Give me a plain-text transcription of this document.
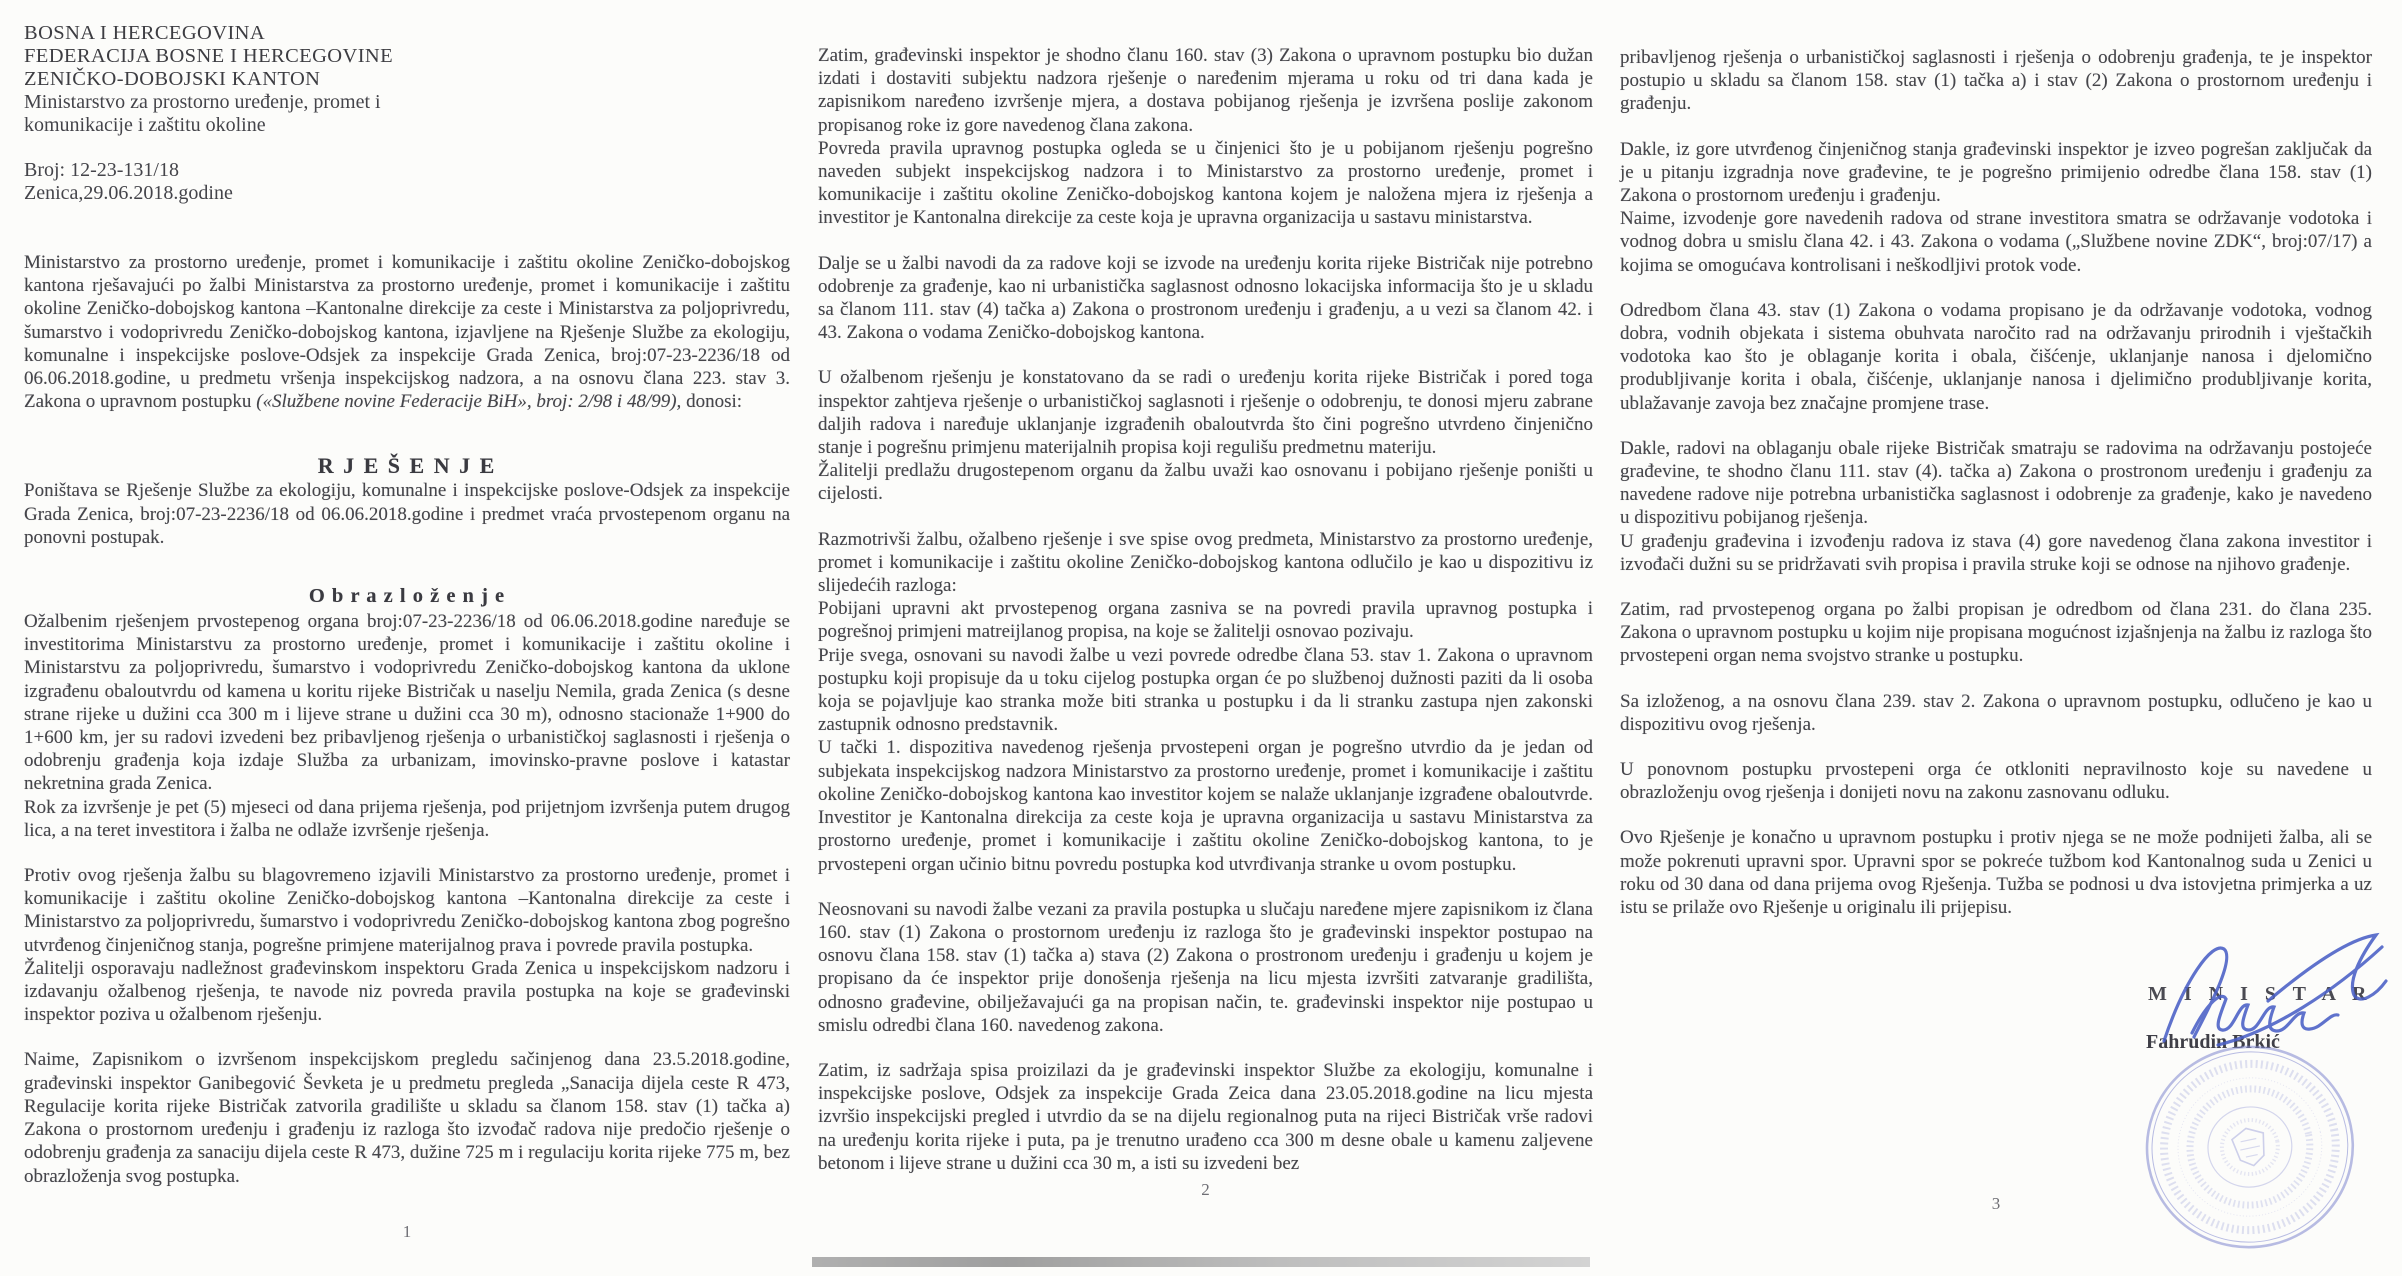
BOSNA I HERCEGOVINA
FEDERACIJA BOSNE I HERCEGOVINE
ZENIČKO-DOBOJSKI KANTON
Ministarstvo za prostorno uređenje, promet i
komunikacije i zaštitu okoline
Broj: 12-23-131/18
Zenica,29.06.2018.godine

Ministarstvo za prostorno uređenje, promet i komunikacije i zaštitu okoline Zeničko-dobojskog kantona rješavajući po žalbi Ministarstva za prostorno uređenje, promet i komunikacije i zaštitu okoline Zeničko-dobojskog kantona –Kantonalne direkcije za ceste i Ministarstva za poljoprivredu, šumarstvo i vodoprivredu Zeničko-dobojskog kantona, izjavljene na Rješenje Službe za ekologiju, komunalne i inspekcijske poslove-Odsjek za inspekcije Grada Zenica, broj:07-23-2236/18 od 06.06.2018.godine, u predmetu vršenja inspekcijskog nadzora, a na osnovu člana 223. stav 3. Zakona o upravnom postupku («Službene novine Federacije BiH», broj: 2/98 i 48/99), donosi:

R J E Š E N J E

Poništava se Rješenje Službe za ekologiju, komunalne i inspekcijske poslove-Odsjek za inspekcije Grada Zenica, broj:07-23-2236/18 od 06.06.2018.godine i predmet vraća prvostepenom organu na ponovni postupak.

O b r a z l o ž e n j e

Ožalbenim rješenjem prvostepenog organa broj:07-23-2236/18 od 06.06.2018.godine naređuje se investitorima Ministarstvu za prostorno uređenje, promet i komunikacije i zaštitu okoline i Ministarstvu za poljoprivredu, šumarstvo i vodoprivredu Zeničko-dobojskog kantona da uklone izgrađenu obaloutvrdu od kamena u koritu rijeke Bistričak u naselju Nemila, grada Zenica (s desne strane rijeke u dužini cca 300 m i lijeve strane u dužini cca 30 m), odnosno stacionaže 1+900 do 1+600 km, jer su radovi izvedeni bez pribavljenog rješenja o urbanističkoj saglasnosti i rješenja o odobrenju građenja koja izdaje Služba za urbanizam, imovinsko-pravne poslove i katastar nekretnina grada Zenica.

Rok za izvršenje je pet (5) mjeseci od dana prijema rješenja, pod prijetnjom izvršenja putem drugog lica, a na teret investitora i žalba ne odlaže izvršenje rješenja.

Protiv ovog rješenja žalbu su blagovremeno izjavili Ministarstvo za prostorno uređenje, promet i komunikacije i zaštitu okoline Zeničko-dobojskog kantona –Kantonalna direkcije za ceste i Ministarstvo za poljoprivredu, šumarstvo i vodoprivredu Zeničko-dobojskog kantona zbog pogrešno utvrđenog činjeničnog stanja, pogrešne primjene materijalnog prava i povrede pravila postupka.

Žalitelji osporavaju nadležnost građevinskom inspektoru Grada Zenica u inspekcijskom nadzoru i izdavanju ožalbenog rješenja, te navode niz povreda pravila postupka na koje se građevinski inspektor poziva u ožalbenom rješenju.

Naime, Zapisnikom o izvršenom inspekcijskom pregledu sačinjenog dana 23.5.2018.godine, građevinski inspektor Ganibegović Ševketa je u predmetu pregleda „Sanacija dijela ceste R 473, Regulacije korita rijeke Bistričak zatvorila gradilište u skladu sa članom 158. stav (1) tačka a) Zakona o prostornom uređenju i građenju iz razloga što izvođač radova nije predočio rješenje o odobrenju građenja za sanaciju dijela ceste R 473, dužine 725 m i regulaciju korita rijeke 775 m, bez obrazloženja svog postupka.

Zatim, građevinski inspektor je shodno članu 160. stav (3) Zakona o upravnom postupku bio dužan izdati i dostaviti subjektu nadzora rješenje o naređenim mjerama u roku od tri dana kada je zapisnikom naređeno izvršenje mjera, a dostava pobijanog rješenja je izvršena poslije zakonom propisanog roke iz gore navedenog člana zakona.

Povreda pravila upravnog postupka ogleda se u činjenici što je u pobijanom rješenju pogrešno naveden subjekt inspekcijskog nadzora i to Ministarstvo za prostorno uređenje, promet i komunikacije i zaštitu okoline Zeničko-dobojskog kantona kojem je naložena mjera iz rješenja a investitor je Kantonalna direkcije za ceste koja je upravna organizacija u sastavu ministarstva.

Dalje se u žalbi navodi da za radove koji se izvode na uređenju korita rijeke Bistričak nije potrebno odobrenje za građenje, kao ni urbanistička saglasnost odnosno lokacijska informacija što je u skladu sa članom 111. stav (4) tačka a) Zakona o prostronom uređenju i građenju, a u vezi sa članom 42. i 43. Zakona o vodama Zeničko-dobojskog kantona.

U ožalbenom rješenju je konstatovano da se radi o uređenju korita rijeke Bistričak i pored toga inspektor zahtjeva rješenje o urbanističkoj saglasnoti i rješenje o odobrenju, te donosi mjeru zabrane daljih radova i naređuje uklanjanje izgrađenih obaloutvrda što čini pogrešno utvrdeno činjenično stanje i pogrešnu primjenu materijalnih propisa koji regulišu predmetnu materiju.

Žalitelji predlažu drugostepenom organu da žalbu uvaži kao osnovanu i pobijano rješenje poništi u cijelosti.

Razmotrivši žalbu, ožalbeno rješenje i sve spise ovog predmeta, Ministarstvo za prostorno uređenje, promet i komunikacije i zaštitu okoline Zeničko-dobojskog kantona odlučilo je kao u dispozitivu iz slijedećih razloga:

Pobijani upravni akt prvostepenog organa zasniva se na povredi pravila upravnog postupka i pogrešnoj primjeni matreijlanog propisa, na koje se žalitelji osnovao pozivaju.

Prije svega, osnovani su navodi žalbe u vezi povrede odredbe člana 53. stav 1. Zakona o upravnom postupku koji propisuje da u toku cijelog postupka organ će po službenoj dužnosti paziti da li osoba koja se pojavljuje kao stranka može biti stranka u postupku i da li stranku zastupa njen zakonski zastupnik odnosno predstavnik.

U tački 1. dispozitiva navedenog rješenja prvostepeni organ je pogrešno utvrdio da je jedan od subjekata inspekcijskog nadzora Ministarstvo za prostorno uređenje, promet i komunikacije i zaštitu okoline Zeničko-dobojskog kantona kao investitor kojem se nalaže uklanjanje izgrađene obaloutvrde. Investitor je Kantonalna direkcija za ceste koja je upravna organizacija u sastavu Ministarstva za prostorno uređenje, promet i komunikacije i zaštitu okoline Zeničko-dobojskog kantona, to je prvostepeni organ učinio bitnu povredu postupka kod utvrđivanja stranke u ovom postupku.

Neosnovani su navodi žalbe vezani za pravila postupka u slučaju naređene mjere zapisnikom iz člana 160. stav (1) Zakona o prostornom uređenju iz razloga što je građevinski inspektor postupao na osnovu člana 158. stav (1) tačka a) stava (2) Zakona o prostronom uređenju i građenju u kojem je propisano da će inspektor prije donošenja rješenja na licu mjesta izvršiti zatvaranje gradilišta, odnosno građevine, obilježavajući ga na propisan način, te. građevinski inspektor nije postupao u smislu odredbi člana 160. navedenog zakona.

Zatim, iz sadržaja spisa proizilazi da je građevinski inspektor Službe za ekologiju, komunalne i inspekcijske poslove, Odsjek za inspekcije Grada Zeica dana 23.05.2018.godine na licu mjesta izvršio inspekcijski pregled i utvrdio da se na dijelu regionalnog puta na rijeci Bistričak vrše radovi na uređenju korita rijeke i puta, pa je trenutno urađeno cca 300 m desne obale u kamenu zaljevene betonom i lijeve strane u dužini cca 30 m, a isti su izvedeni bez

pribavljenog rješenja o urbanističkoj saglasnosti i rješenja o odobrenju građenja, te je inspektor postupio u skladu sa članom 158. stav (1) tačka a) i stav (2) Zakona o prostornom uređenju i građenju.

Dakle, iz gore utvrđenog činjeničnog stanja građevinski inspektor je izveo pogrešan zaključak da je u pitanju izgradnja nove građevine, te je pogrešno primijenio odredbe člana 158. stav (1) Zakona o prostornom uređenju i građenju.

Naime, izvodenje gore navedenih radova od strane investitora smatra se održavanje vodotoka i vodnog dobra u smislu člana 42. i 43. Zakona o vodama („Službene novine ZDK“, broj:07/17) a kojima se omogućava kontrolisani i neškodljivi protok vode.

Odredbom člana 43. stav (1) Zakona o vodama propisano je da održavanje vodotoka, vodnog dobra, vodnih objekata i sistema obuhvata naročito rad na održavanju prirodnih i vještačkih vodotoka kao što je oblaganje korita i obala, čišćenje, uklanjanje nanosa i djelomično produbljivanje korita i obala, čišćenje, uklanjanje nanosa i djelimično produbljivanje korita, ublažavanje zavoja bez značajne promjene trase.

Dakle, radovi na oblaganju obale rijeke Bistričak smatraju se radovima na održavanju postojeće građevine, te shodno članu 111. stav (4). tačka a) Zakona o prostronom uređenju i građenju za navedene radove nije potrebna urbanistička saglasnost i odobrenje za građenje, kako je navedeno u dispozitivu pobijanog rješenja.

U građenju građevina i izvođenju radova iz stava (4) gore navedenog člana zakona investitor i izvođači dužni su se pridržavati svih propisa i pravila struke koji se odnose na njihovo građenje.

Zatim, rad prvostepenog organa po žalbi propisan je odredbom od člana 231. do člana 235. Zakona o upravnom postupku u kojim nije propisana mogućnost izjašnjenja na žalbu iz razloga što prvostepeni organ nema svojstvo stranke u postupku.

Sa izloženog, a na osnovu člana 239. stav 2. Zakona o upravnom postupku, odlučeno je kao u dispozitivu ovog rješenja.

U ponovnom postupku prvostepeni orga će otkloniti nepravilnosto koje su navedene u obrazloženju ovog rješenja i donijeti novu na zakonu zasnovanu odluku.

Ovo Rješenje je konačno u upravnom postupku i protiv njega se ne može podnijeti žalba, ali se može pokrenuti upravni spor. Upravni spor se pokreće tužbom kod Kantonalnog suda u Zenici u roku od 30 dana od dana prijema ovog Rješenja. Tužba se podnosi u dva istovjetna primjerka a uz istu se prilaže ovo Rješenje u originalu ili prijepisu.

M I N I S T A R
Fahrudin Brkić
1
2
3
